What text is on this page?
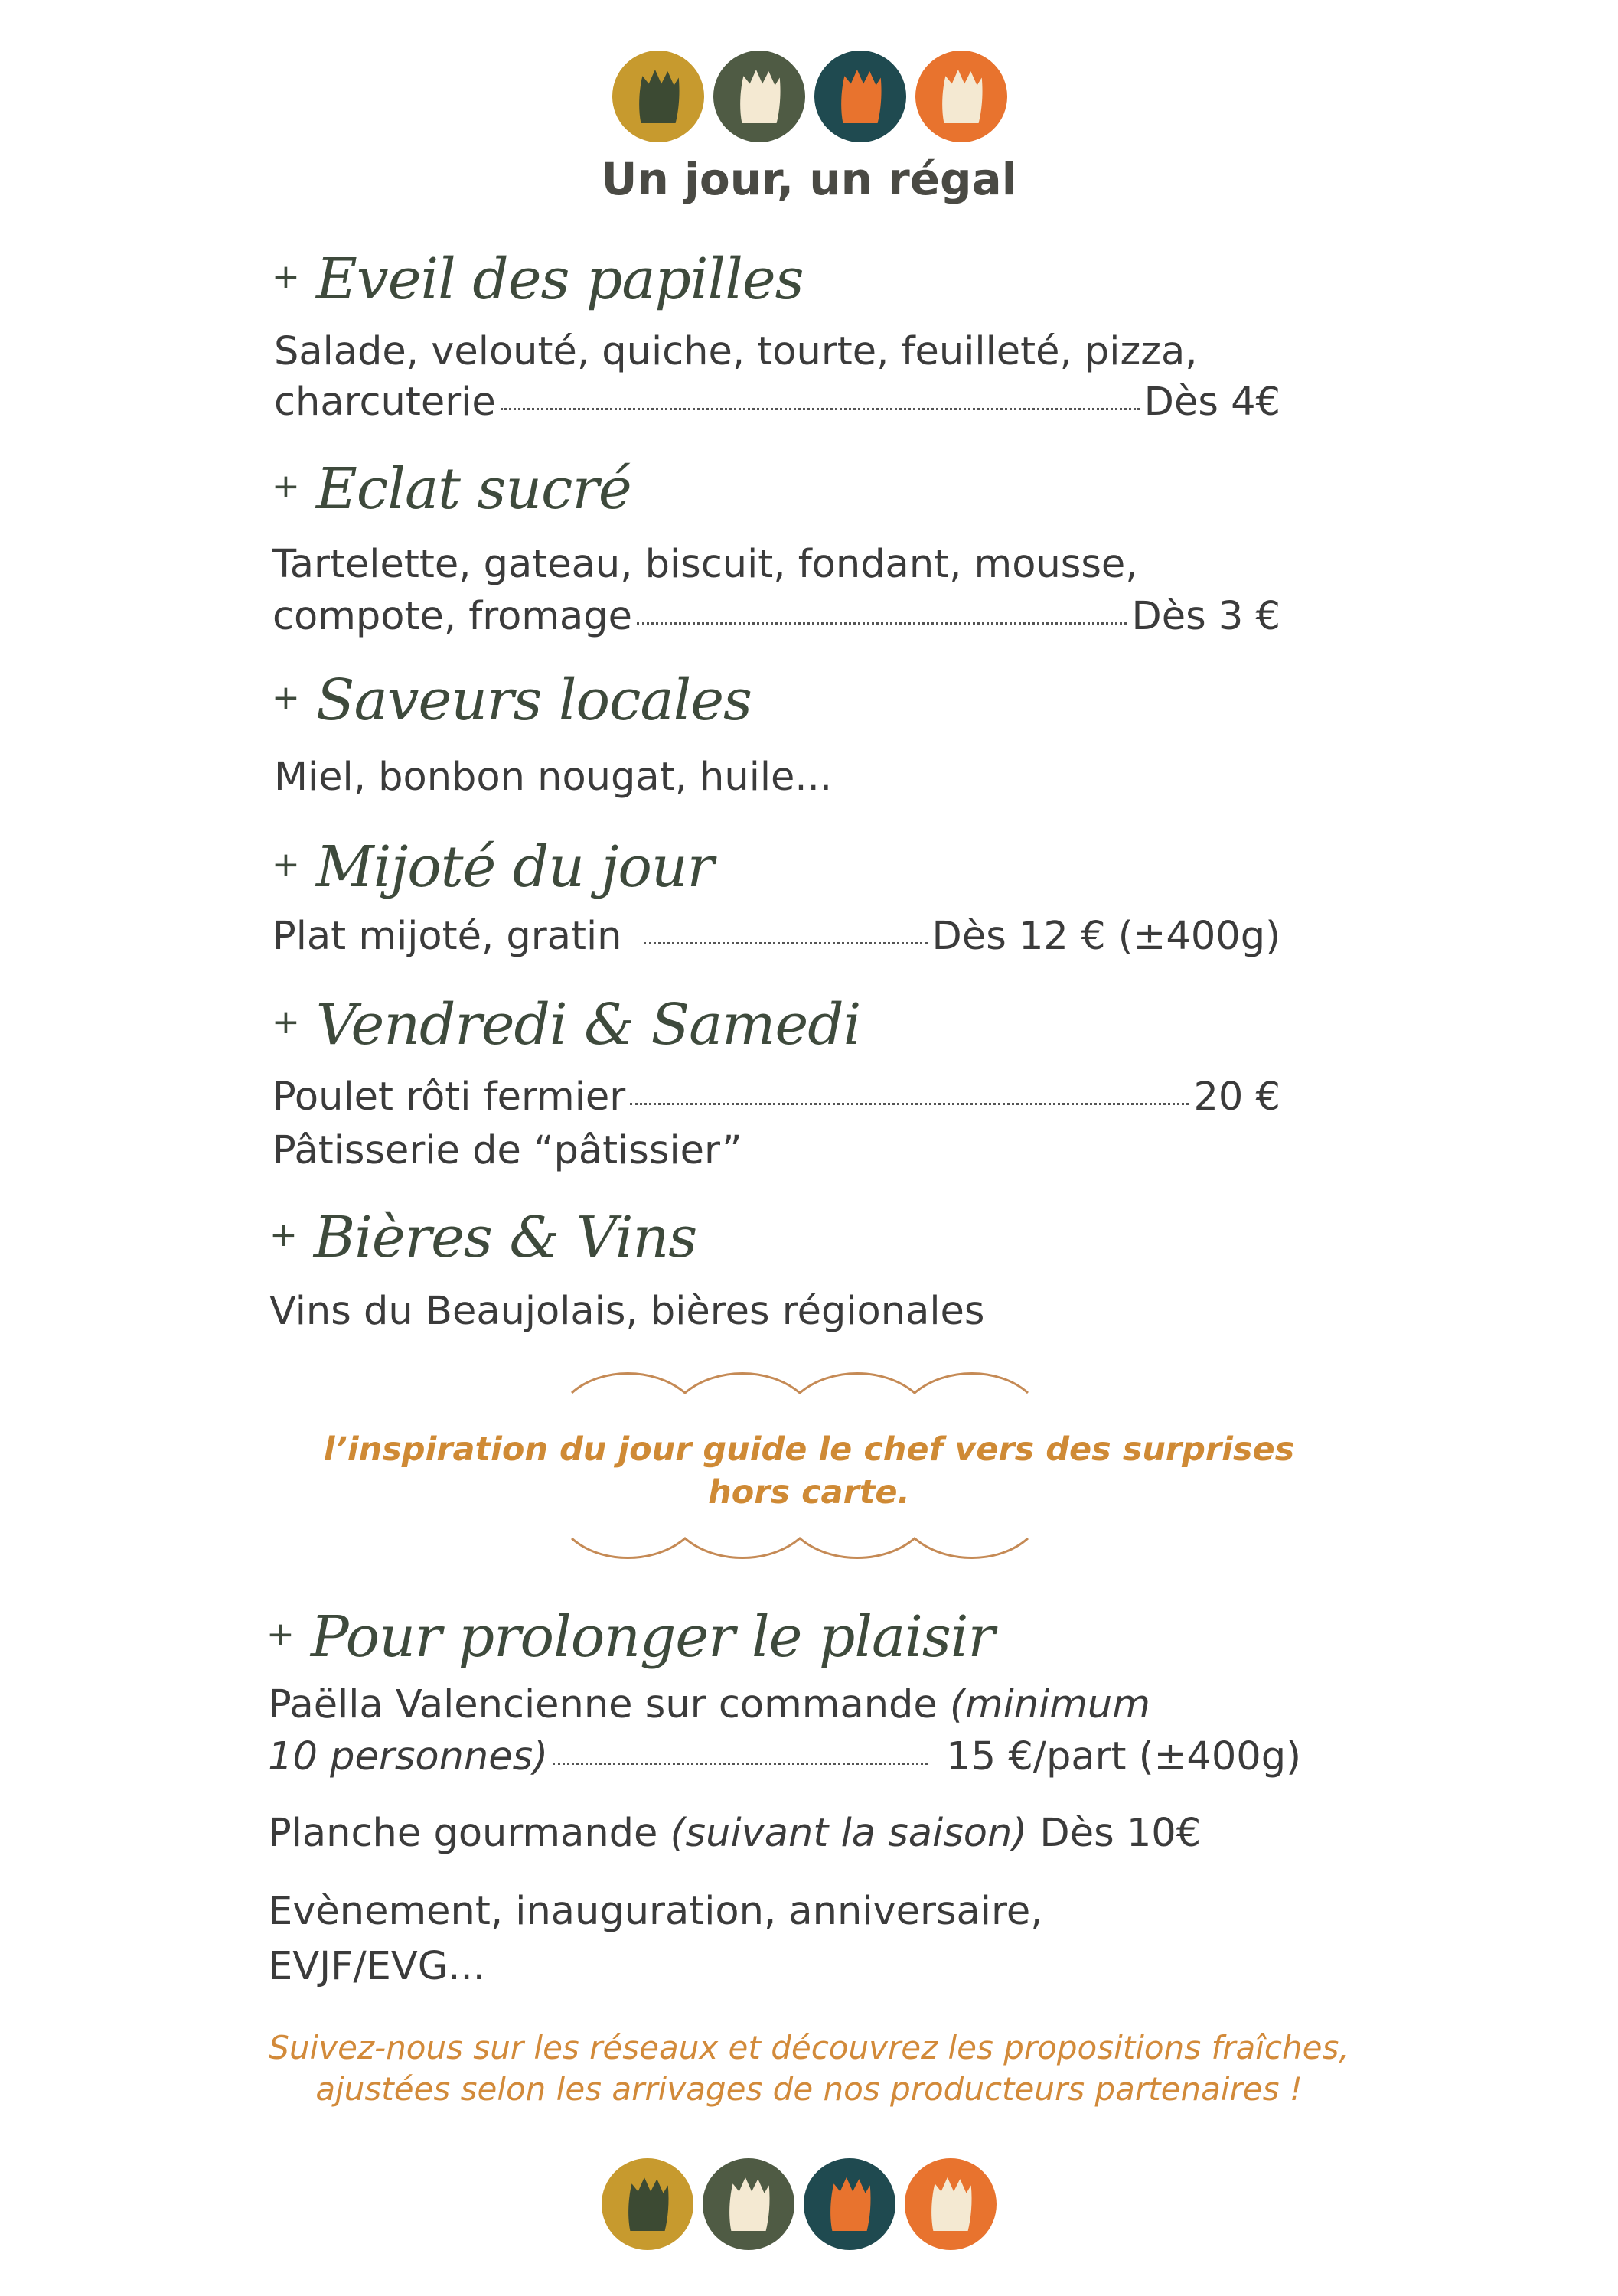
Un jour, un régal
+ Eveil des papilles
Salade, velouté, quiche, tourte, feuilleté, pizza,
charcuterie	Dès 4€
+ Eclat sucré
Tartelette, gateau, biscuit, fondant, mousse,
compote, fromage	Dès 3 €
+ Saveurs locales
Miel, bonbon nougat, huile...
+ Mijoté du jour
Plat mijoté, gratin	Dès 12 € (±400g)
+ Vendredi & Samedi
Poulet rôti fermier	20 €
Pâtisserie de “pâtissier”
+ Bières & Vins
Vins du Beaujolais, bières régionales
l’inspiration du jour guide le chef vers des surprises
hors carte.
+ Pour prolonger le plaisir
Paëlla Valencienne sur commande (minimum
10 personnes)	15 €/part (±400g)
Planche gourmande (suivant la saison) Dès 10€
Evènement, inauguration, anniversaire,
EVJF/EVG...
Suivez-nous sur les réseaux et découvrez les propositions fraîches,
ajustées selon les arrivages de nos producteurs partenaires !
